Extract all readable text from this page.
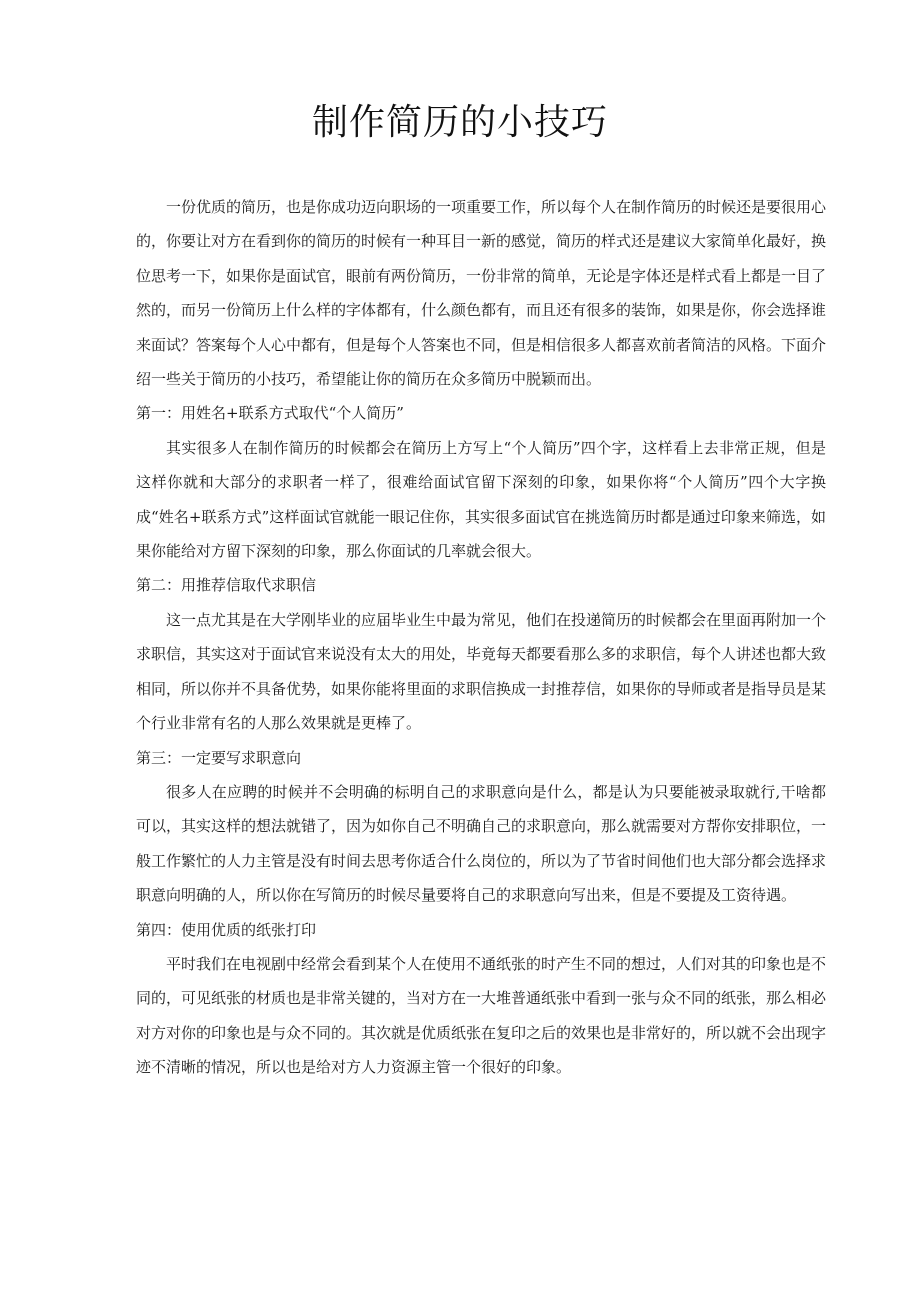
制作简历的小技巧

一份优质的简历，也是你成功迈向职场的一项重要工作，所以每个人在制作简历的时候还是要很用心的，你要让对方在看到你的简历的时候有一种耳目一新的感觉，简历的样式还是建议大家简单化最好，换位思考一下，如果你是面试官，眼前有两份简历，一份非常的简单，无论是字体还是样式看上都是一目了然的，而另一份简历上什么样的字体都有，什么颜色都有，而且还有很多的装饰，如果是你，你会选择谁来面试？答案每个人心中都有，但是每个人答案也不同，但是相信很多人都喜欢前者简洁的风格。下面介绍一些关于简历的小技巧，希望能让你的简历在众多简历中脱颖而出。

第一：用姓名+联系方式取代“个人简历”

其实很多人在制作简历的时候都会在简历上方写上“个人简历”四个字，这样看上去非常正规，但是这样你就和大部分的求职者一样了，很难给面试官留下深刻的印象，如果你将“个人简历”四个大字换成“姓名+联系方式”这样面试官就能一眼记住你，其实很多面试官在挑选简历时都是通过印象来筛选，如果你能给对方留下深刻的印象，那么你面试的几率就会很大。

第二：用推荐信取代求职信

这一点尤其是在大学刚毕业的应届毕业生中最为常见，他们在投递简历的时候都会在里面再附加一个求职信，其实这对于面试官来说没有太大的用处，毕竟每天都要看那么多的求职信，每个人讲述也都大致相同，所以你并不具备优势，如果你能将里面的求职信换成一封推荐信，如果你的导师或者是指导员是某个行业非常有名的人那么效果就是更棒了。

第三：一定要写求职意向

很多人在应聘的时候并不会明确的标明自己的求职意向是什么，都是认为只要能被录取就行,干啥都可以，其实这样的想法就错了，因为如你自己不明确自己的求职意向，那么就需要对方帮你安排职位，一般工作繁忙的人力主管是没有时间去思考你适合什么岗位的，所以为了节省时间他们也大部分都会选择求职意向明确的人，所以你在写简历的时候尽量要将自己的求职意向写出来，但是不要提及工资待遇。

第四：使用优质的纸张打印

平时我们在电视剧中经常会看到某个人在使用不通纸张的时产生不同的想过，人们对其的印象也是不同的，可见纸张的材质也是非常关键的，当对方在一大堆普通纸张中看到一张与众不同的纸张，那么相必对方对你的印象也是与众不同的。其次就是优质纸张在复印之后的效果也是非常好的，所以就不会出现字迹不清晰的情况，所以也是给对方人力资源主管一个很好的印象。
